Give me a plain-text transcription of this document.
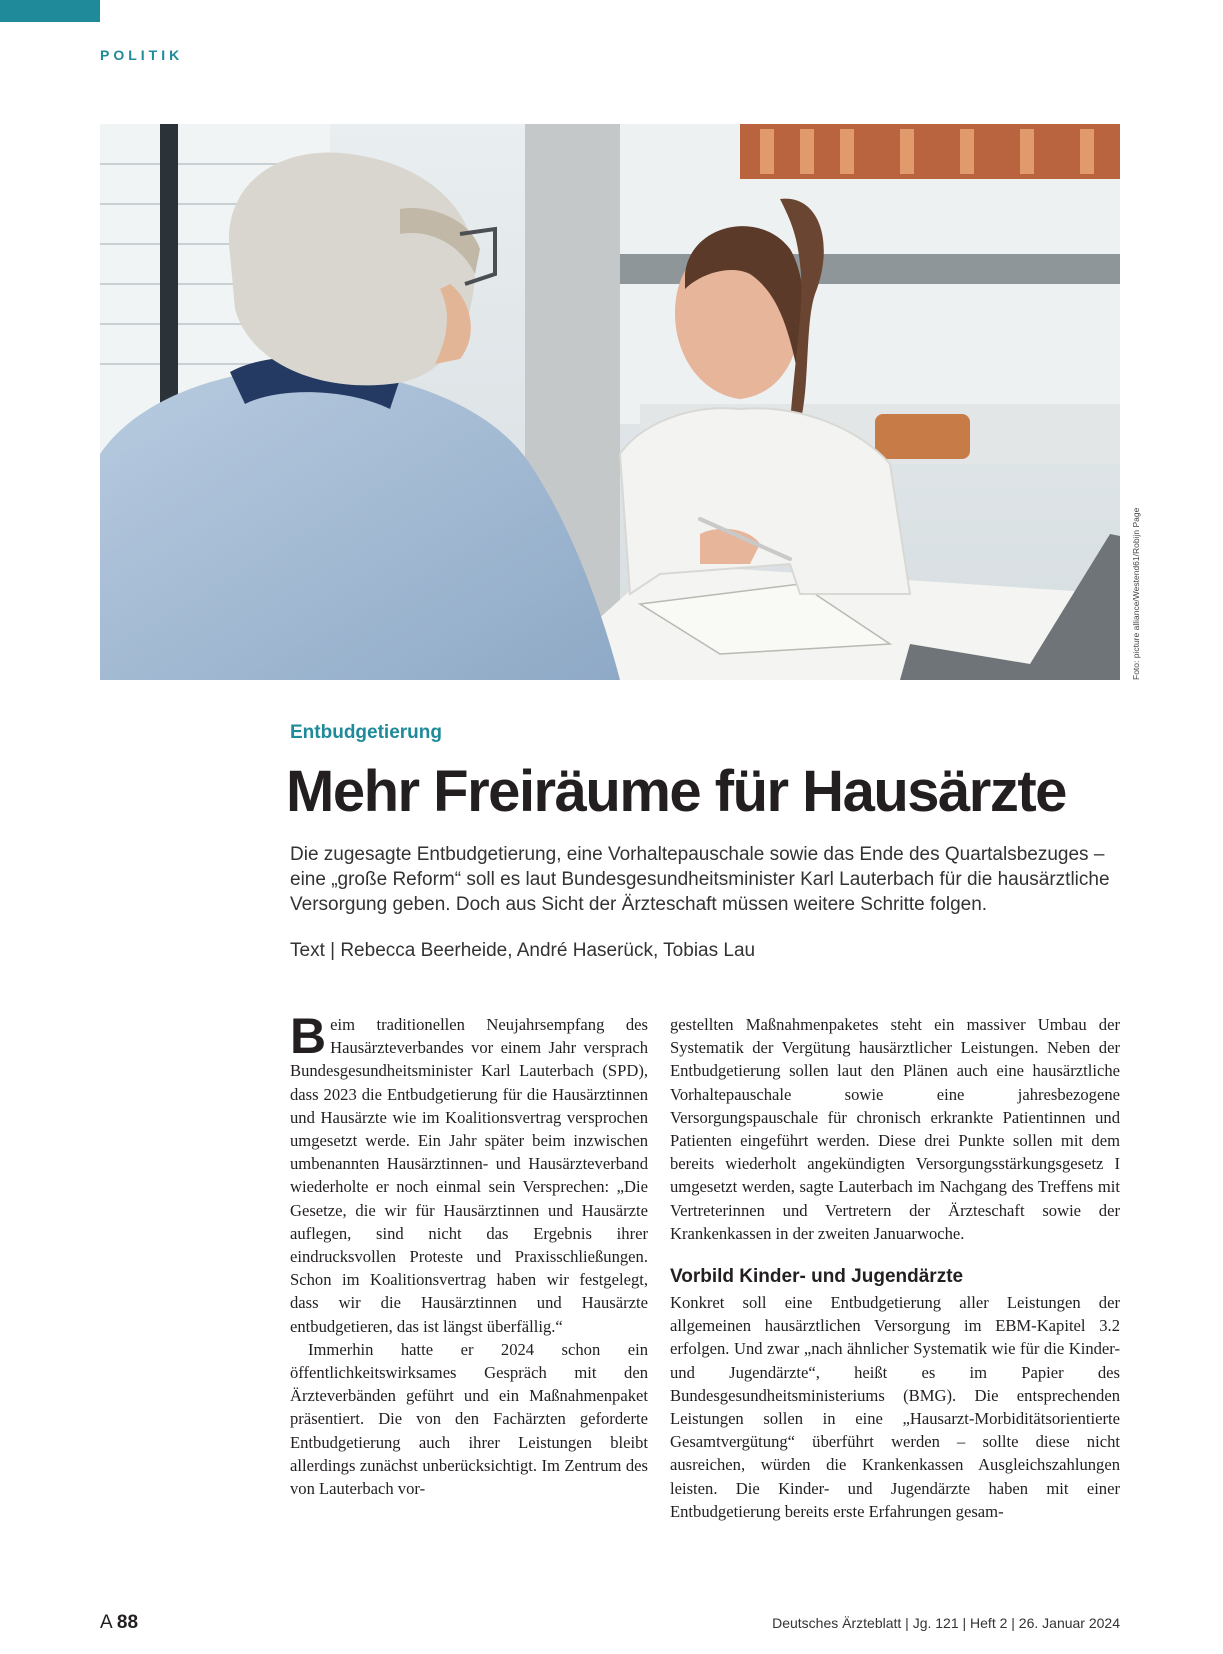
POLITIK
Foto: picture alliance/Westend61/Robijn Page
Entbudgetierung
Mehr Freiräume für Hausärzte

Die zugesagte Entbudgetierung, eine Vorhaltepauschale sowie das Ende des Quartalsbezuges – eine „große Reform“ soll es laut Bundesgesundheitsminister Karl Lauterbach für die hausärztliche Versorgung geben. Doch aus Sicht der Ärzteschaft müssen weitere Schritte folgen.

Text | Rebecca Beerheide, André Haserück, Tobias Lau

Beim traditionellen Neujahrsempfang des Hausärzteverbandes vor einem Jahr versprach Bundesgesundheitsminister Karl Lauterbach (SPD), dass 2023 die Entbudgetierung für die Hausärztinnen und Hausärzte wie im Koalitionsvertrag versprochen umgesetzt werde. Ein Jahr später beim inzwischen umbenannten Hausärztinnen- und Hausärzteverband wiederholte er noch einmal sein Versprechen: „Die Gesetze, die wir für Hausärztinnen und Hausärzte auflegen, sind nicht das Ergebnis ihrer eindrucksvollen Proteste und Praxisschließungen. Schon im Koalitionsvertrag haben wir festgelegt, dass wir die Hausärztinnen und Hausärzte entbudgetieren, das ist längst überfällig.“

Immerhin hatte er 2024 schon ein öffentlichkeitswirksames Gespräch mit den Ärzteverbänden geführt und ein Maßnahmenpaket präsentiert. Die von den Fachärzten geforderte Entbudgetierung auch ihrer Leistungen bleibt allerdings zunächst unberücksichtigt. Im Zentrum des von Lauterbach vor-

gestellten Maßnahmenpaketes steht ein massiver Umbau der Systematik der Vergütung hausärztlicher Leistungen. Neben der Entbudgetierung sollen laut den Plänen auch eine hausärztliche Vorhaltepauschale sowie eine jahresbezogene Versorgungspauschale für chronisch erkrankte Patientinnen und Patienten eingeführt werden. Diese drei Punkte sollen mit dem bereits wiederholt angekündigten Versorgungsstärkungsgesetz I umgesetzt werden, sagte Lauterbach im Nachgang des Treffens mit Vertreterinnen und Vertretern der Ärzteschaft sowie der Krankenkassen in der zweiten Januarwoche.

Vorbild Kinder- und Jugendärzte

Konkret soll eine Entbudgetierung aller Leistungen der allgemeinen hausärztlichen Versorgung im EBM-Kapitel 3.2 erfolgen. Und zwar „nach ähnlicher Systematik wie für die Kinder- und Jugendärzte“, heißt es im Papier des Bundesgesundheitsministeriums (BMG). Die entsprechenden Leistungen sollen in eine „Hausarzt-Morbiditätsorientierte Gesamtvergütung“ überführt werden – sollte diese nicht ausreichen, würden die Krankenkassen Ausgleichszahlungen leisten. Die Kinder- und Jugendärzte haben mit einer Entbudgetierung bereits erste Erfahrungen gesam-

A 88	Deutsches Ärzteblatt | Jg. 121 | Heft 2 | 26. Januar 2024
